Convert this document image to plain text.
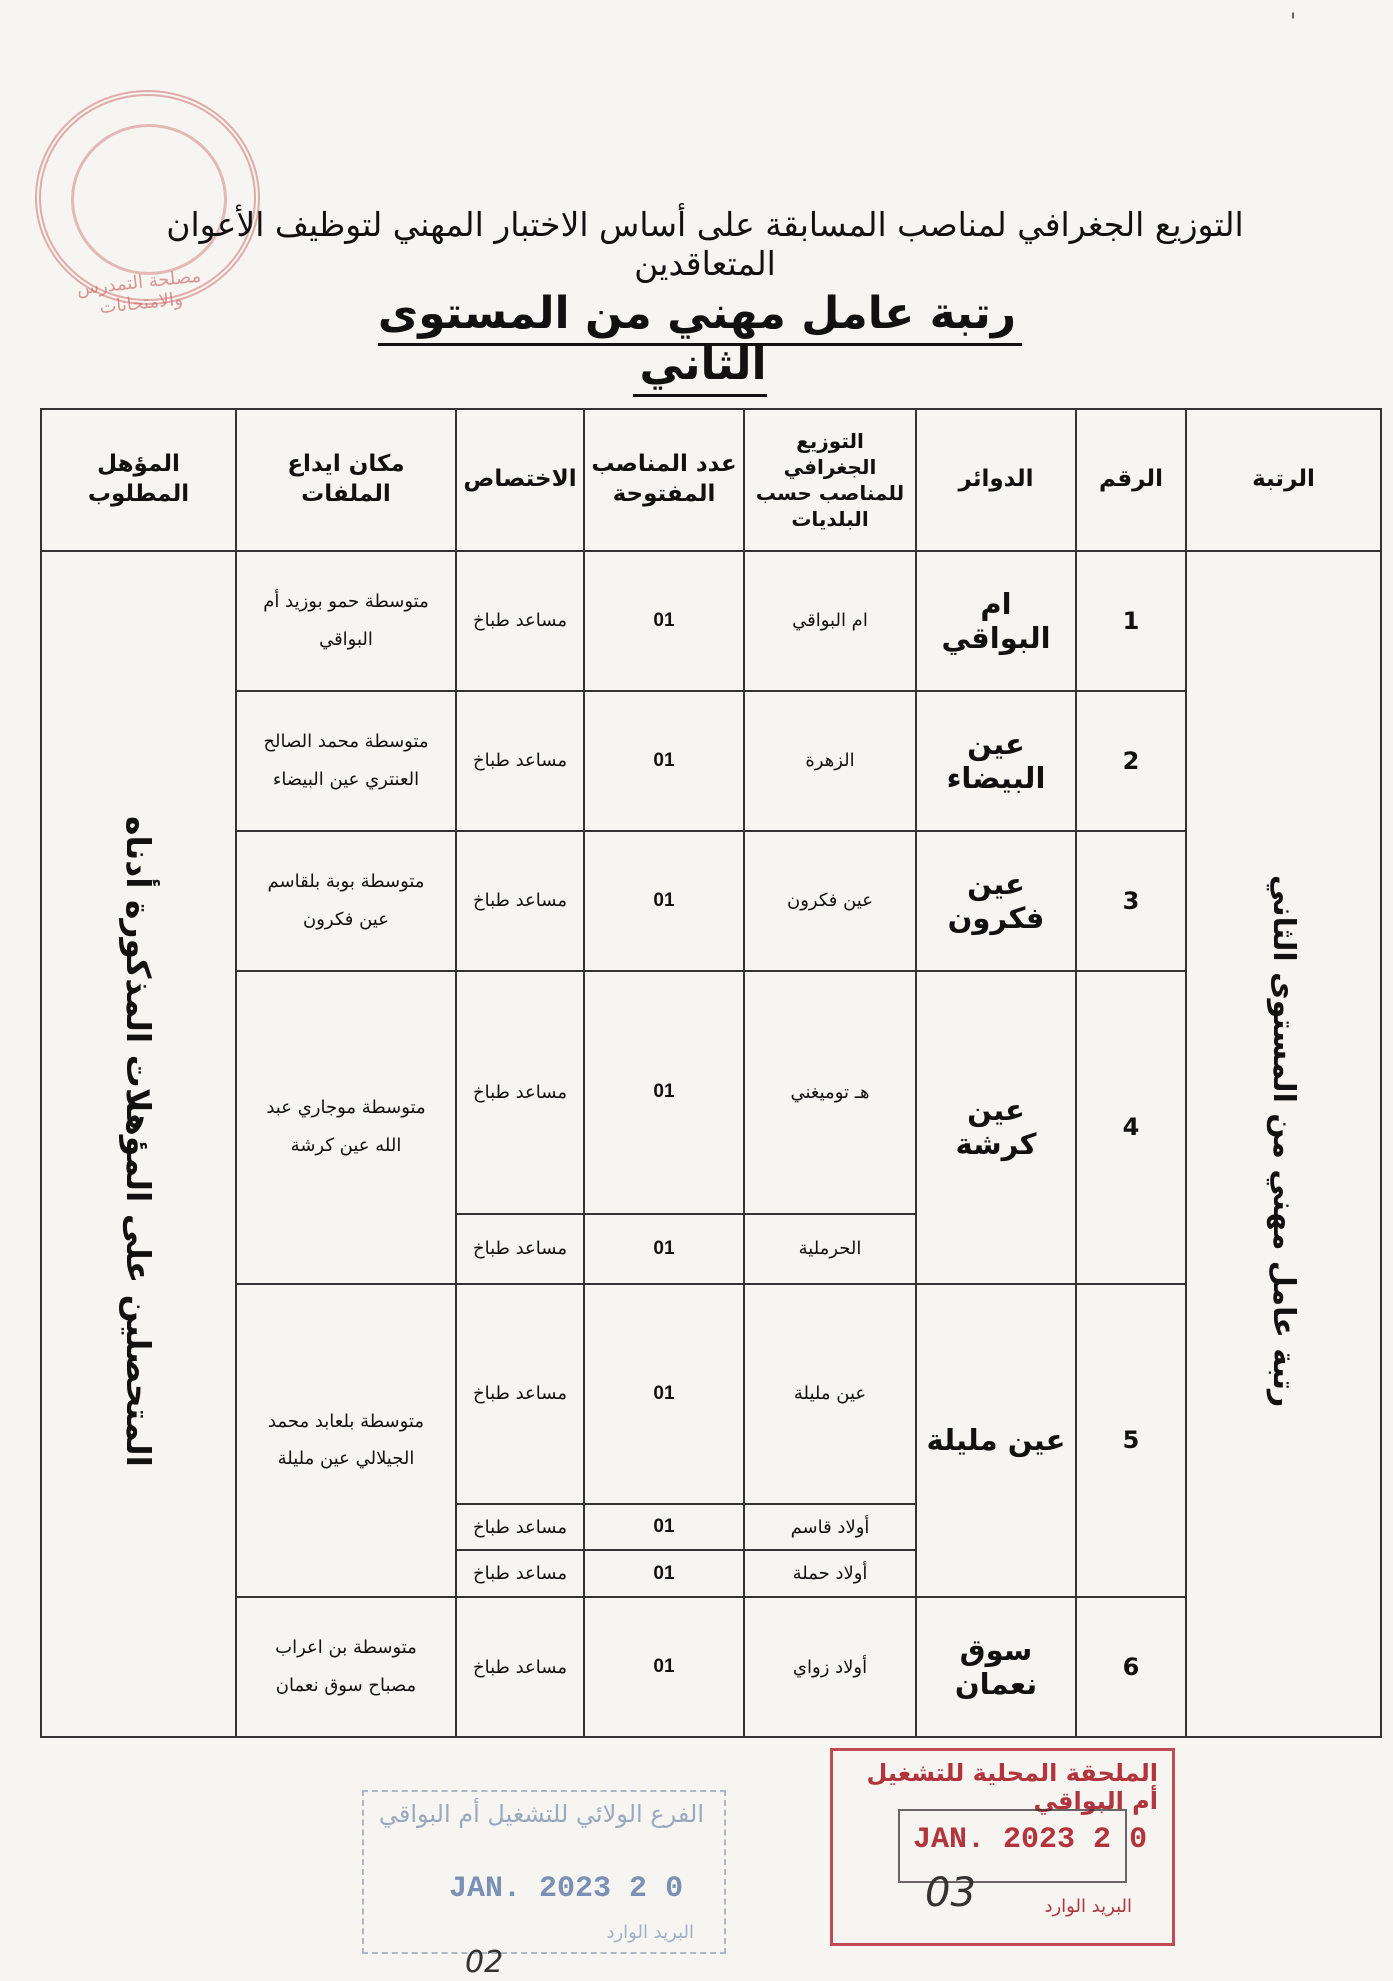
'
مصلحة التمدرس والامتحانات
التوزيع الجغرافي لمناصب المسابقة على أساس الاختبار المهني لتوظيف الأعوان المتعاقدين
رتبة عامل مهني من المستوى الثاني
الرتبة	الرقم	الدوائر	التوزيع الجغرافي للمناصب حسب البلديات	عدد المناصب المفتوحة	الاختصاص	مكان ايداع الملفات	المؤهل المطلوب
رتبة عامل مهني من المستوى الثاني	1	ام البواقي	ام البواقي	01	مساعد طباخ	متوسطة حمو بوزيد أم البواقي	المتحصلين على المؤهلات المذكورة أدناه
	2	عين البيضاء	الزهرة	01	مساعد طباخ	متوسطة محمد الصالح العنتري عين البيضاء	
	3	عين فكرون	عين فكرون	01	مساعد طباخ	متوسطة بوبة بلقاسم عين فكرون	
	4	عين كرشة	هـ توميغني	01	مساعد طباخ	متوسطة موجاري عبد الله عين كرشة	
			الحرملية	01	مساعد طباخ		
	5	عين مليلة	عين مليلة	01	مساعد طباخ	متوسطة بلعابد محمد الجيلالي عين مليلة	
			أولاد قاسم	01	مساعد طباخ		
			أولاد حملة	01	مساعد طباخ		
	6	سوق نعمان	أولاد زواي	01	مساعد طباخ	متوسطة بن اعراب مصباح سوق نعمان	
الفرع الولائي للتشغيل أم البواقي
0 2 JAN. 2023
البريد الوارد
02
الملحقة المحلية للتشغيل أم البواقي
0 2 JAN. 2023
البريد الوارد
03
